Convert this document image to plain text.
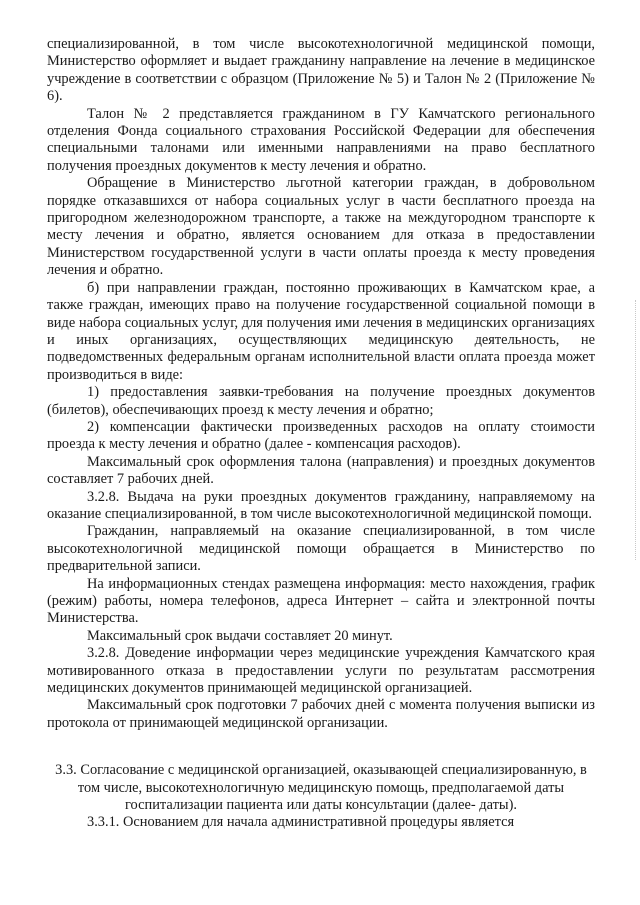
специализированной, в том числе высокотехнологичной медицинской помощи, Министерство оформляет и выдает гражданину направление на лечение в медицинское учреждение в соответствии с образцом (Приложение № 5) и Талон № 2 (Приложение № 6).

Талон № 2 представляется гражданином в ГУ Камчатского регионального отделения Фонда социального страхования Российской Федерации для обеспечения специальными талонами или именными направлениями на право бесплатного получения проездных документов к месту лечения и обратно.

Обращение в Министерство льготной категории граждан, в добровольном порядке отказавшихся от набора социальных услуг в части бесплатного проезда на пригородном железнодорожном транспорте, а также на междугородном транспорте к месту лечения и обратно, является основанием для отказа в предоставлении Министерством государственной услуги в части оплаты проезда к месту проведения лечения и обратно.

б) при направлении граждан, постоянно проживающих в Камчатском крае, а также граждан, имеющих право на получение государственной социальной помощи в виде набора социальных услуг, для получения ими лечения в медицинских организациях и иных организациях, осуществляющих медицинскую деятельность, не подведомственных федеральным органам исполнительной власти оплата проезда может производиться в виде:

1) предоставления заявки-требования на получение проездных документов (билетов), обеспечивающих проезд к месту лечения и обратно;

2) компенсации фактически произведенных расходов на оплату стоимости проезда к месту лечения и обратно (далее - компенсация расходов).

Максимальный срок оформления талона (направления) и проездных документов составляет 7 рабочих дней.

3.2.8. Выдача на руки проездных документов гражданину, направляемому на оказание специализированной, в том числе высокотехнологичной медицинской помощи.

Гражданин, направляемый на оказание специализированной, в том числе высокотехнологичной медицинской помощи обращается в Министерство по предварительной записи.

На информационных стендах размещена информация: место нахождения, график (режим) работы, номера телефонов, адреса Интернет – сайта и электронной почты Министерства.

Максимальный срок выдачи составляет 20 минут.

3.2.8. Доведение информации через медицинские учреждения Камчатского края мотивированного отказа в предоставлении услуги по результатам рассмотрения медицинских документов принимающей медицинской организацией.

Максимальный срок подготовки 7 рабочих дней с момента получения выписки из протокола от принимающей медицинской организации.

3.3. Согласование с медицинской организацией, оказывающей специализированную, в том числе, высокотехнологичную медицинскую помощь, предполагаемой даты госпитализации пациента или даты консультации (далее- даты).

3.3.1. Основанием для начала административной процедуры является
